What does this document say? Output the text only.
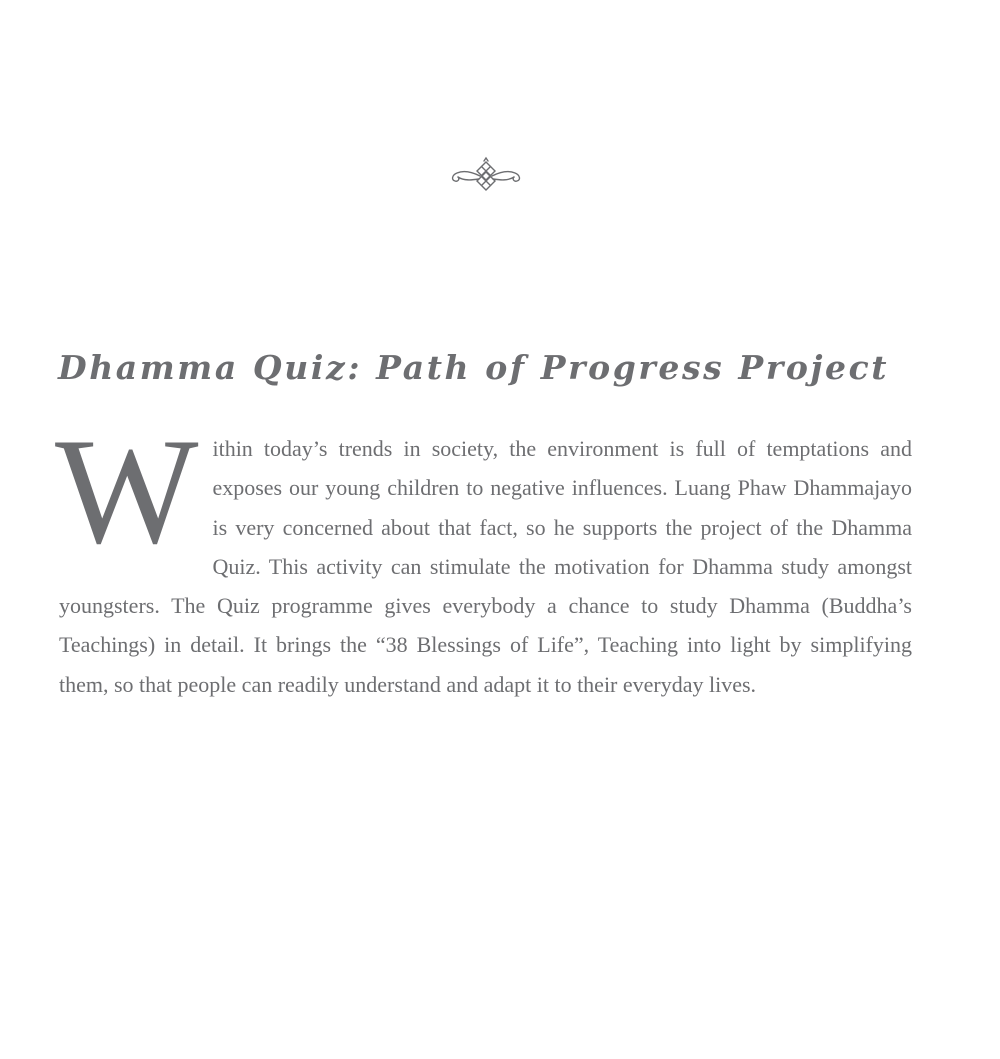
Dhamma Quiz: Path of Progress Project

Within today’s trends in society, the environment is full of temptations and exposes our young children to negative influences. Luang Phaw Dhammajayo is very concerned about that fact, so he supports the project of the Dhamma Quiz. This activity can stimulate the motivation for Dhamma study amongst youngsters. The Quiz programme gives everybody a chance to study Dhamma (Buddha’s Teachings) in detail. It brings the “38 Blessings of Life”, Teaching into light by simplifying them, so that people can readily understand and adapt it to their everyday lives.
